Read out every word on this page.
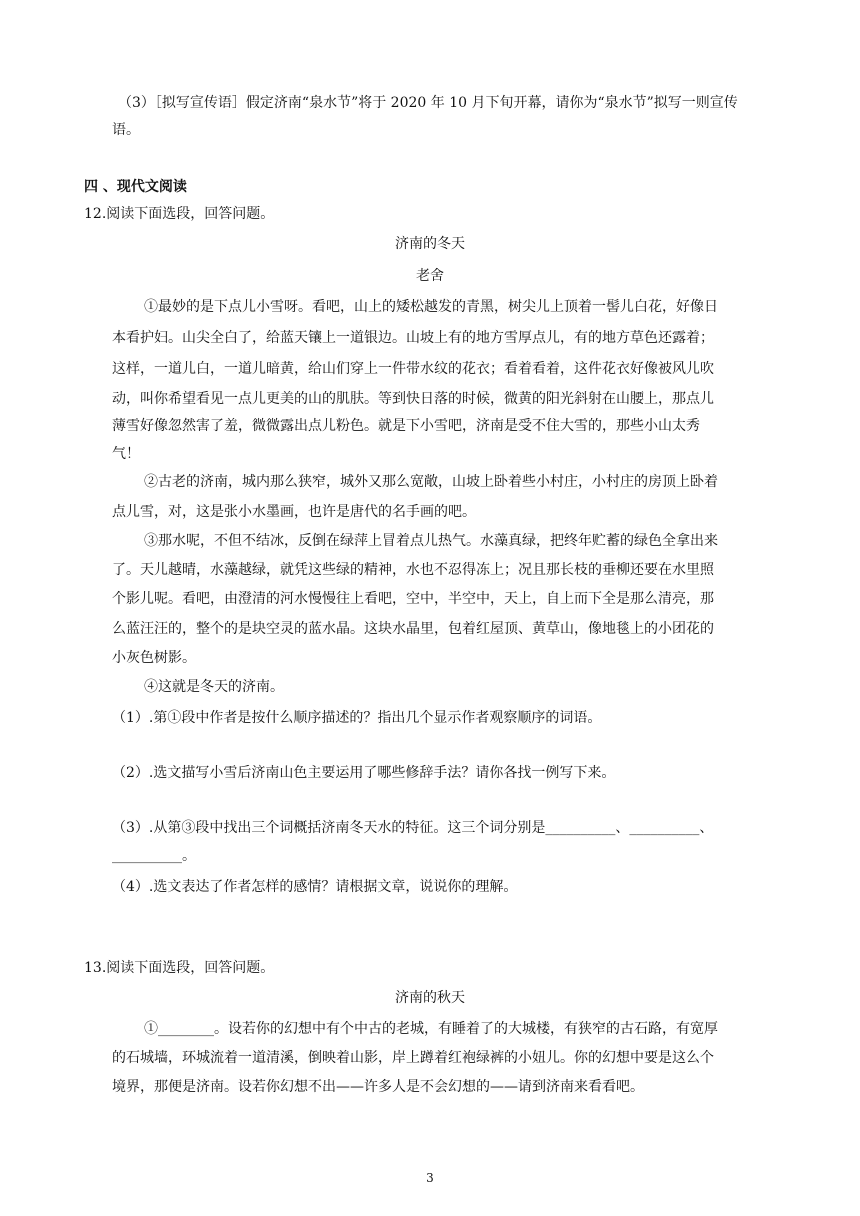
（3）［拟写宣传语］假定济南“泉水节”将于 2020 年 10 月下旬开幕，请你为“泉水节”拟写一则宣传
语。
四 、现代文阅读
12.阅读下面选段，回答问题。
济南的冬天
老舍
①最妙的是下点儿小雪呀。看吧，山上的矮松越发的青黑，树尖儿上顶着一髻儿白花，好像日
本看护妇。山尖全白了，给蓝天镶上一道银边。山坡上有的地方雪厚点儿，有的地方草色还露着；
这样，一道儿白，一道儿暗黄，给山们穿上一件带水纹的花衣；看着看着，这件花衣好像被风儿吹
动，叫你希望看见一点儿更美的山的肌肤。等到快日落的时候，微黄的阳光斜射在山腰上，那点儿
薄雪好像忽然害了羞，微微露出点儿粉色。就是下小雪吧，济南是受不住大雪的，那些小山太秀
气！
②古老的济南，城内那么狭窄，城外又那么宽敞，山坡上卧着些小村庄，小村庄的房顶上卧着
点儿雪，对，这是张小水墨画，也许是唐代的名手画的吧。
③那水呢，不但不结冰，反倒在绿萍上冒着点儿热气。水藻真绿，把终年贮蓄的绿色全拿出来
了。天儿越晴，水藻越绿，就凭这些绿的精神，水也不忍得冻上；况且那长枝的垂柳还要在水里照
个影儿呢。看吧，由澄清的河水慢慢往上看吧，空中，半空中，天上，自上而下全是那么清亮，那
么蓝汪汪的，整个的是块空灵的蓝水晶。这块水晶里，包着红屋顶、黄草山，像地毯上的小团花的
小灰色树影。
④这就是冬天的济南。
（1）.第①段中作者是按什么顺序描述的？指出几个显示作者观察顺序的词语。
（2）.选文描写小雪后济南山色主要运用了哪些修辞手法？请你各找一例写下来。
（3）.从第③段中找出三个词概括济南冬天水的特征。这三个词分别是__________、__________、
__________。
（4）.选文表达了作者怎样的感情？请根据文章，说说你的理解。
13.阅读下面选段，回答问题。
济南的秋天
①________。设若你的幻想中有个中古的老城，有睡着了的大城楼，有狭窄的古石路，有宽厚
的石城墙，环城流着一道清溪，倒映着山影，岸上蹲着红袍绿裤的小妞儿。你的幻想中要是这么个
境界，那便是济南。设若你幻想不出——许多人是不会幻想的——请到济南来看看吧。
3
